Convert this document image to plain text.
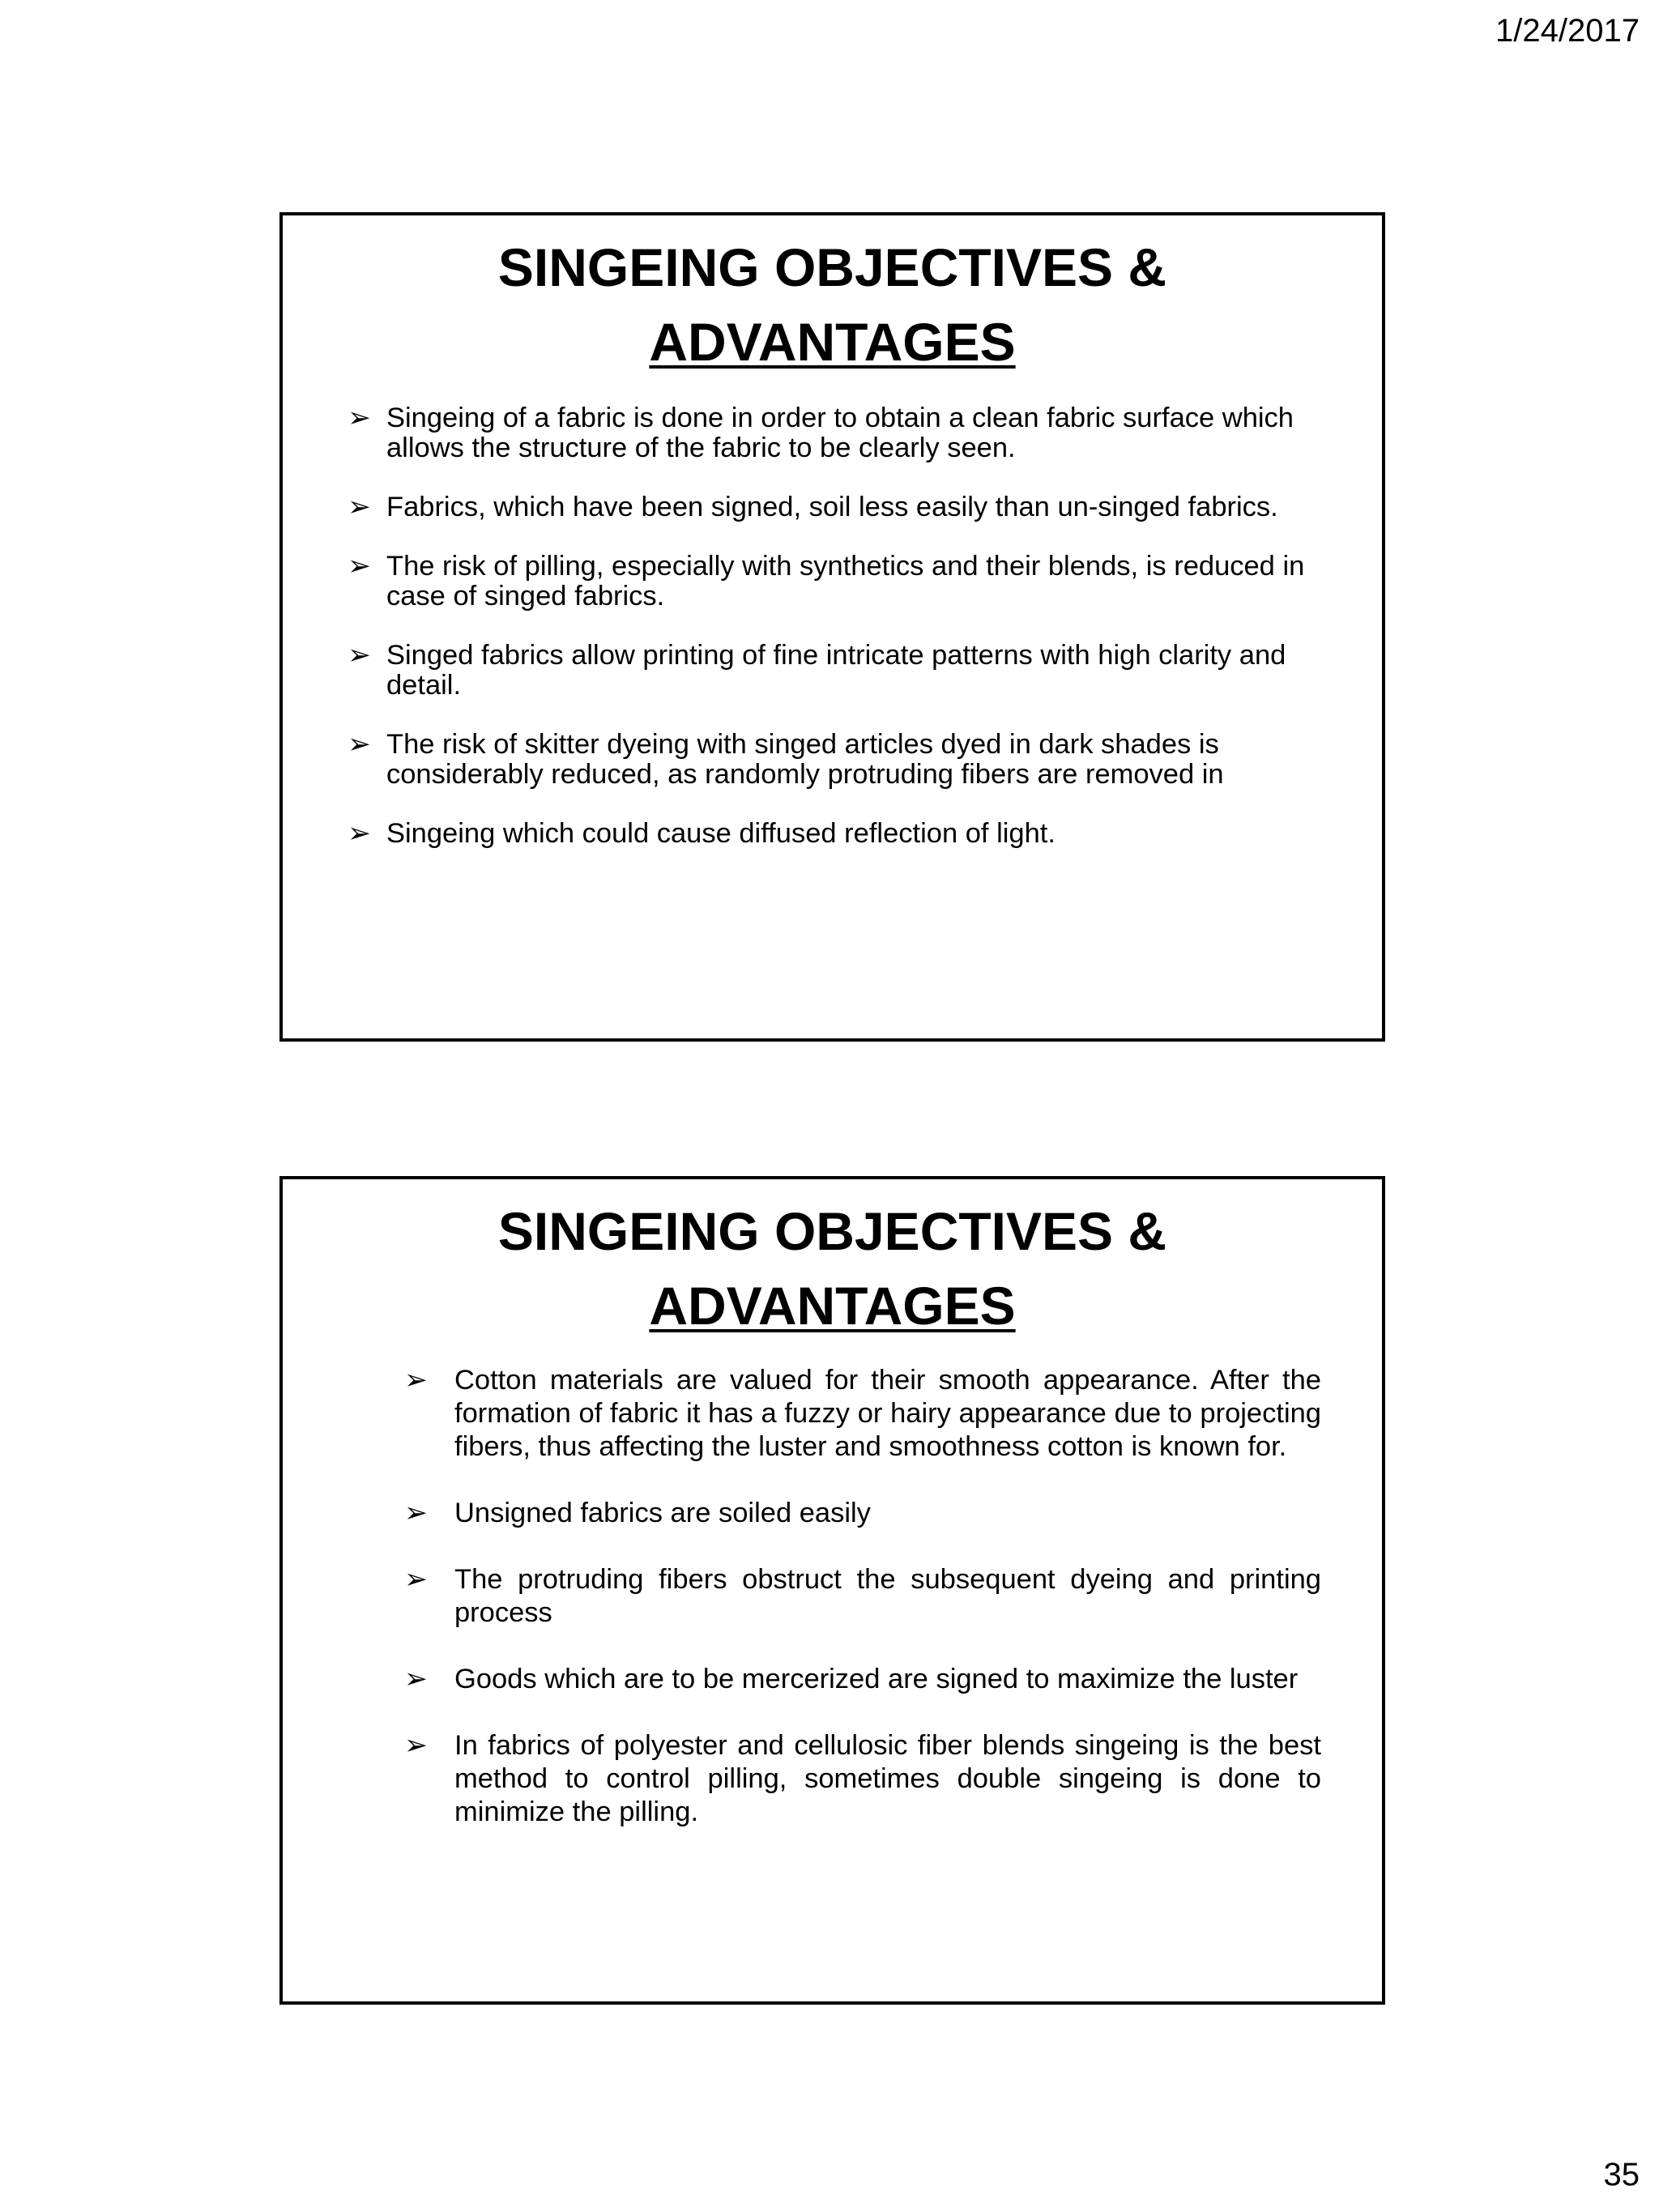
1/24/2017
SINGEING OBJECTIVES &
ADVANTAGES
➢ Singeing of a fabric is done in order to obtain a clean fabric surface which allows the structure of the fabric to be clearly seen.
➢ Fabrics, which have been signed, soil less easily than un-singed fabrics.
➢ The risk of pilling, especially with synthetics and their blends, is reduced in case of singed fabrics.
➢ Singed fabrics allow printing of fine intricate patterns with high clarity and detail.
➢ The risk of skitter dyeing with singed articles dyed in dark shades is considerably reduced, as randomly protruding fibers are removed in
➢ Singeing which could cause diffused reflection of light.
SINGEING OBJECTIVES &
ADVANTAGES
➢ Cotton materials are valued for their smooth appearance. After the formation of fabric it has a fuzzy or hairy appearance due to projecting fibers, thus affecting the luster and smoothness cotton is known for.
➢ Unsigned fabrics are soiled easily
➢ The protruding fibers obstruct the subsequent dyeing and printing process
➢ Goods which are to be mercerized are signed to maximize the luster
➢ In fabrics of polyester and cellulosic fiber blends singeing is the best method to control pilling, sometimes double singeing is done to minimize the pilling.
35
